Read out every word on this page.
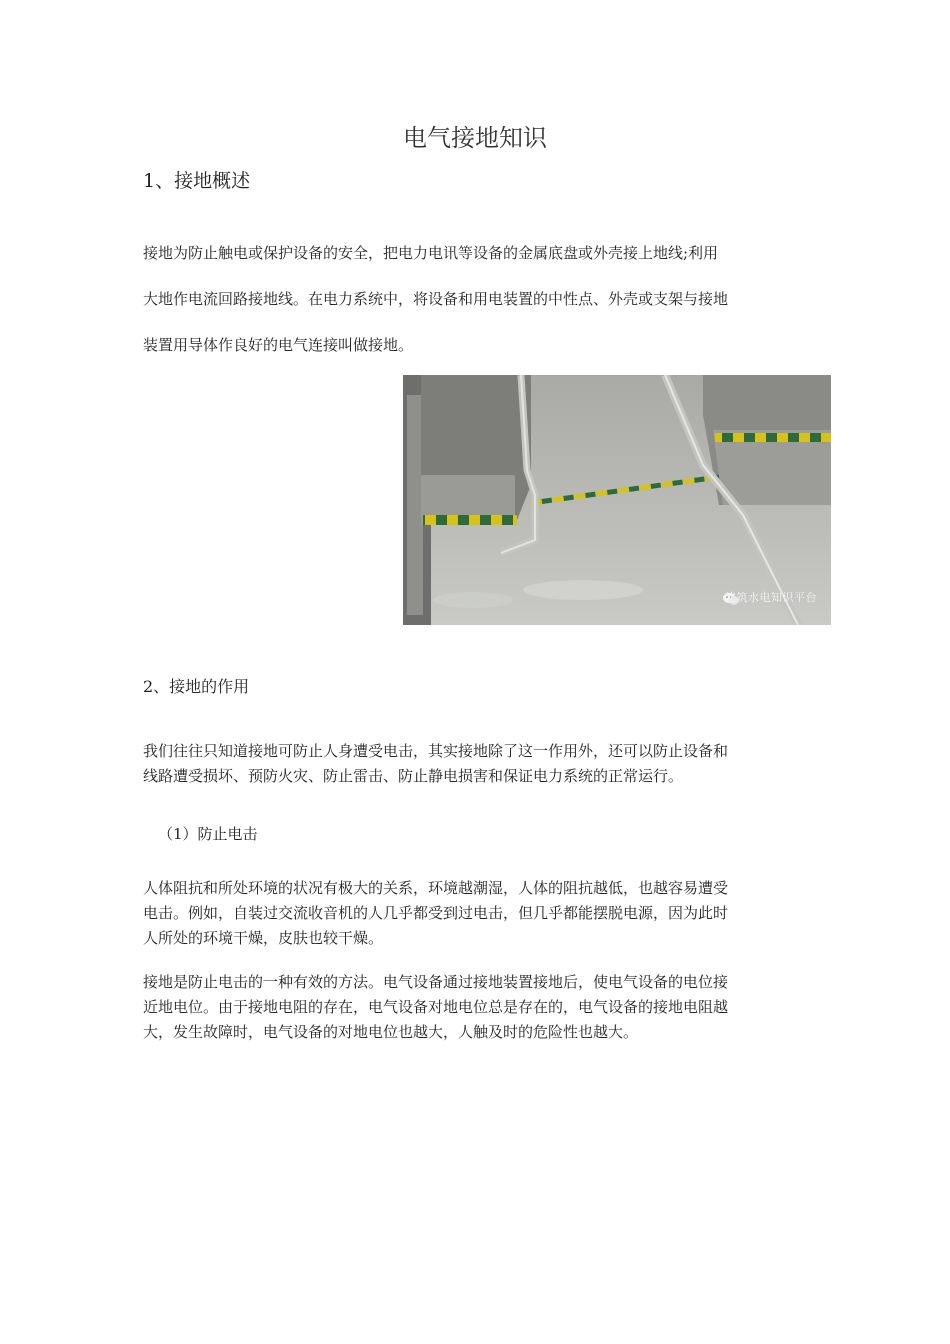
电气接地知识
1、接地概述
接地为防止触电或保护设备的安全，把电力电讯等设备的金属底盘或外壳接上地线;利用
大地作电流回路接地线。在电力系统中，将设备和用电装置的中性点、外壳或支架与接地
装置用导体作良好的电气连接叫做接地。
建筑水电知识平台
2、接地的作用
我们往往只知道接地可防止人身遭受电击，其实接地除了这一作用外，还可以防止设备和
线路遭受损坏、预防火灾、防止雷击、防止静电损害和保证电力系统的正常运行。
（1）防止电击
人体阻抗和所处环境的状况有极大的关系，环境越潮湿，人体的阻抗越低，也越容易遭受
电击。例如，自装过交流收音机的人几乎都受到过电击，但几乎都能摆脱电源，因为此时
人所处的环境干燥，皮肤也较干燥。
接地是防止电击的一种有效的方法。电气设备通过接地装置接地后，使电气设备的电位接
近地电位。由于接地电阻的存在，电气设备对地电位总是存在的，电气设备的接地电阻越
大，发生故障时，电气设备的对地电位也越大，人触及时的危险性也越大。
